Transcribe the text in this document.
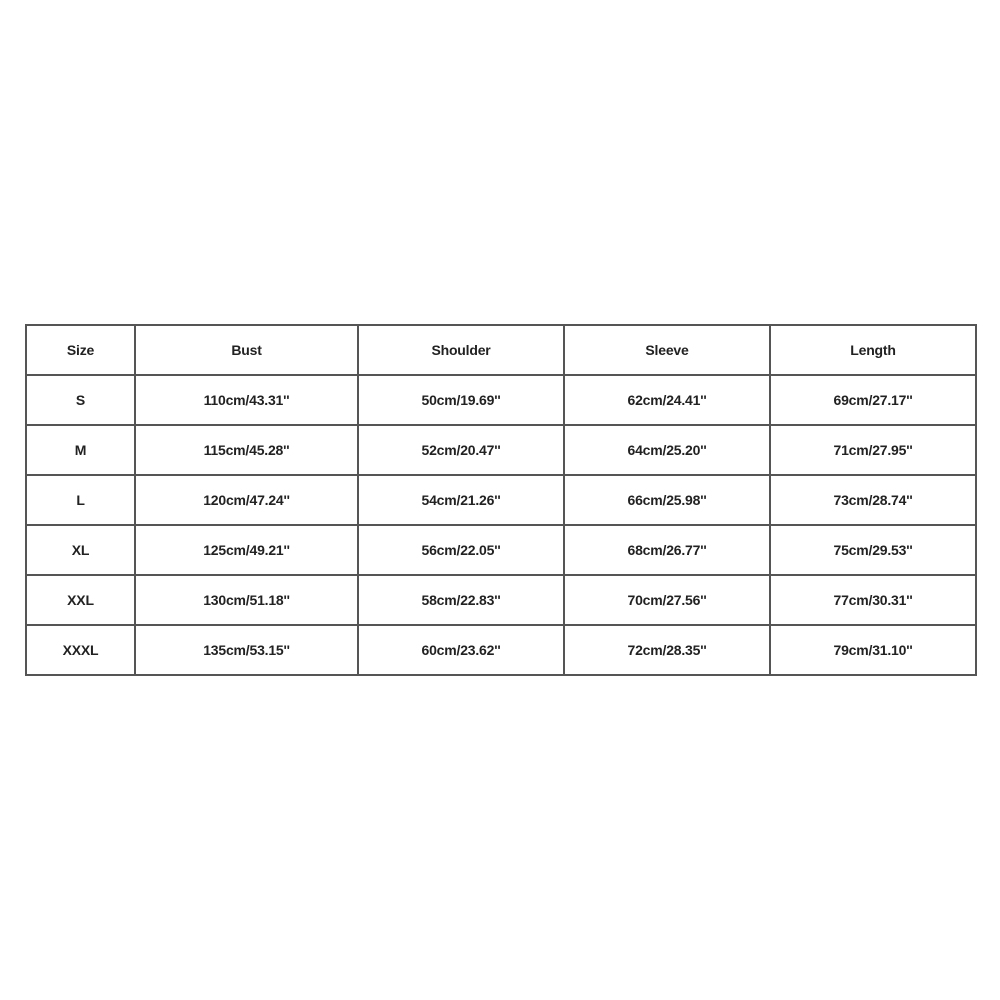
Size	Bust	Shoulder	Sleeve	Length
S	110cm/43.31''	50cm/19.69''	62cm/24.41''	69cm/27.17''
M	115cm/45.28''	52cm/20.47''	64cm/25.20''	71cm/27.95''
L	120cm/47.24''	54cm/21.26''	66cm/25.98''	73cm/28.74''
XL	125cm/49.21''	56cm/22.05''	68cm/26.77''	75cm/29.53''
XXL	130cm/51.18''	58cm/22.83''	70cm/27.56''	77cm/30.31''
XXXL	135cm/53.15''	60cm/23.62''	72cm/28.35''	79cm/31.10''
